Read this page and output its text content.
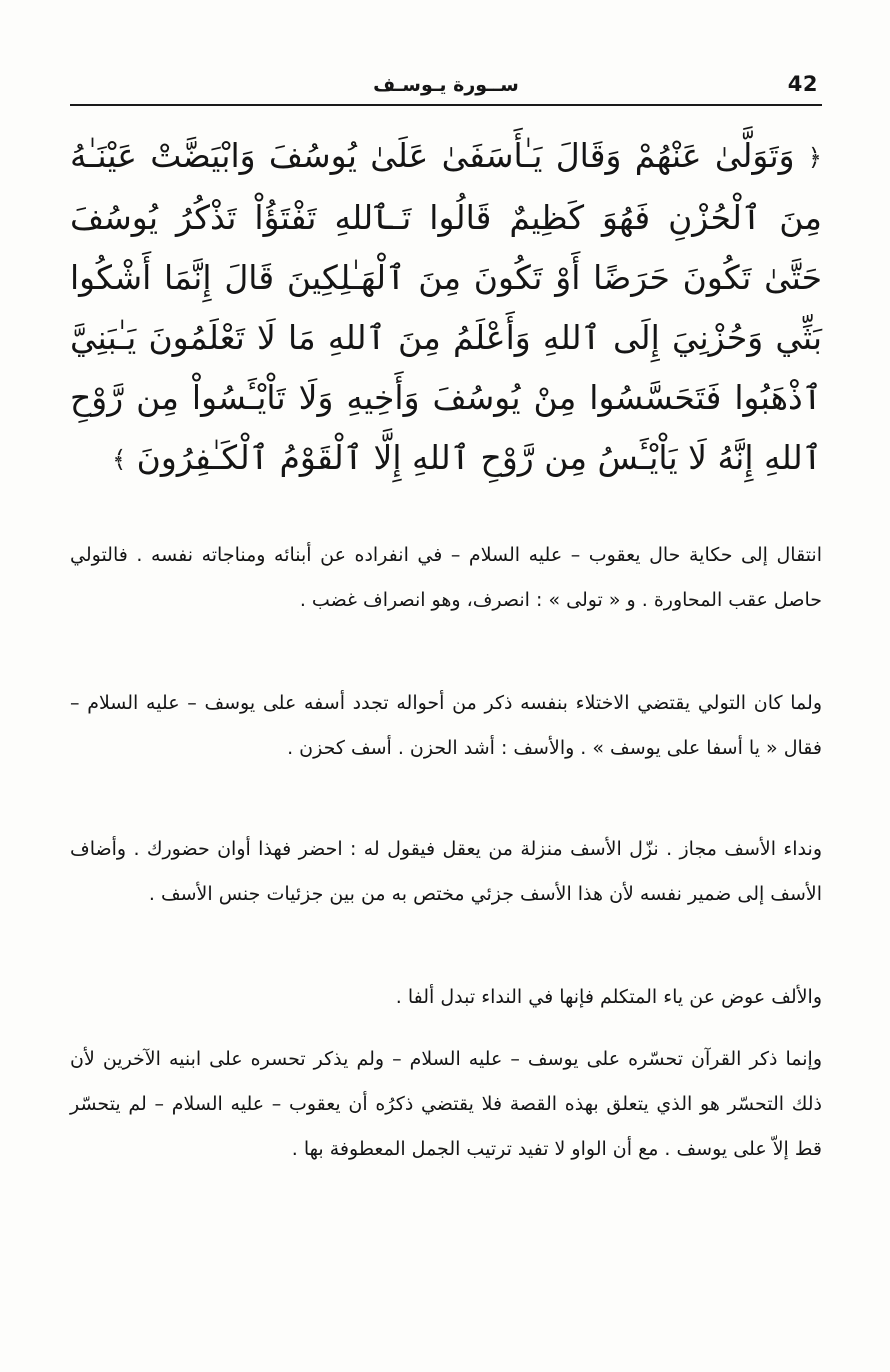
42
ســورة يـوسـف
﴿ وَتَوَلَّىٰ عَنْهُمْ وَقَالَ يَـٰأَسَفَىٰ عَلَىٰ يُوسُفَ وَابْيَضَّتْ عَيْنَـٰهُ مِنَ ٱلْحُزْنِ فَهُوَ كَظِيمٌ قَالُوا تَـٱللهِ تَفْتَؤُاْ تَذْكُرُ يُوسُفَ حَتَّىٰ تَكُونَ حَرَضًا أَوْ تَكُونَ مِنَ ٱلْهَـٰلِكِينَ قَالَ إِنَّمَا أَشْكُوا بَثِّي وَحُزْنِيَ إِلَى ٱللهِ وَأَعْلَمُ مِنَ ٱللهِ مَا لَا تَعْلَمُونَ يَـٰبَنِيَّ ٱذْهَبُوا فَتَحَسَّسُوا مِنْ يُوسُفَ وَأَخِيهِ وَلَا تَاْيْـَٔسُواْ مِن رَّوْحِ ٱللهِ إِنَّهُ لَا يَاْيْـَٔسُ مِن رَّوْحِ ٱللهِ إِلَّا ٱلْقَوْمُ ٱلْكَـٰفِرُونَ ﴾

انتقال إلى حكاية حال يعقوب – عليه السلام – في انفراده عن أبنائه ومناجاته نفسه . فالتولي حاصل عقب المحاورة . و « تولى » : انصرف، وهو انصراف غضب .

ولما كان التولي يقتضي الاختلاء بنفسه ذكر من أحواله تجدد أسفه على يوسف – عليه السلام – فقال « يا أسفا على يوسف » . والأسف : أشد الحزن . أسف كحزن .

ونداء الأسف مجاز . نزّل الأسف منزلة من يعقل فيقول له : احضر فهذا أوان حضورك . وأضاف الأسف إلى ضمير نفسه لأن هذا الأسف جزئي مختص به من بين جزئيات جنس الأسف .

والألف عوض عن ياء المتكلم فإنها في النداء تبدل ألفا .

وإنما ذكر القرآن تحسّره على يوسف – عليه السلام – ولم يذكر تحسره على ابنيه الآخرين لأن ذلك التحسّر هو الذي يتعلق بهذه القصة فلا يقتضي ذكرُه أن يعقوب – عليه السلام – لم يتحسّر قط إلاّ على يوسف . مع أن الواو لا تفيد ترتيب الجمل المعطوفة بها .
